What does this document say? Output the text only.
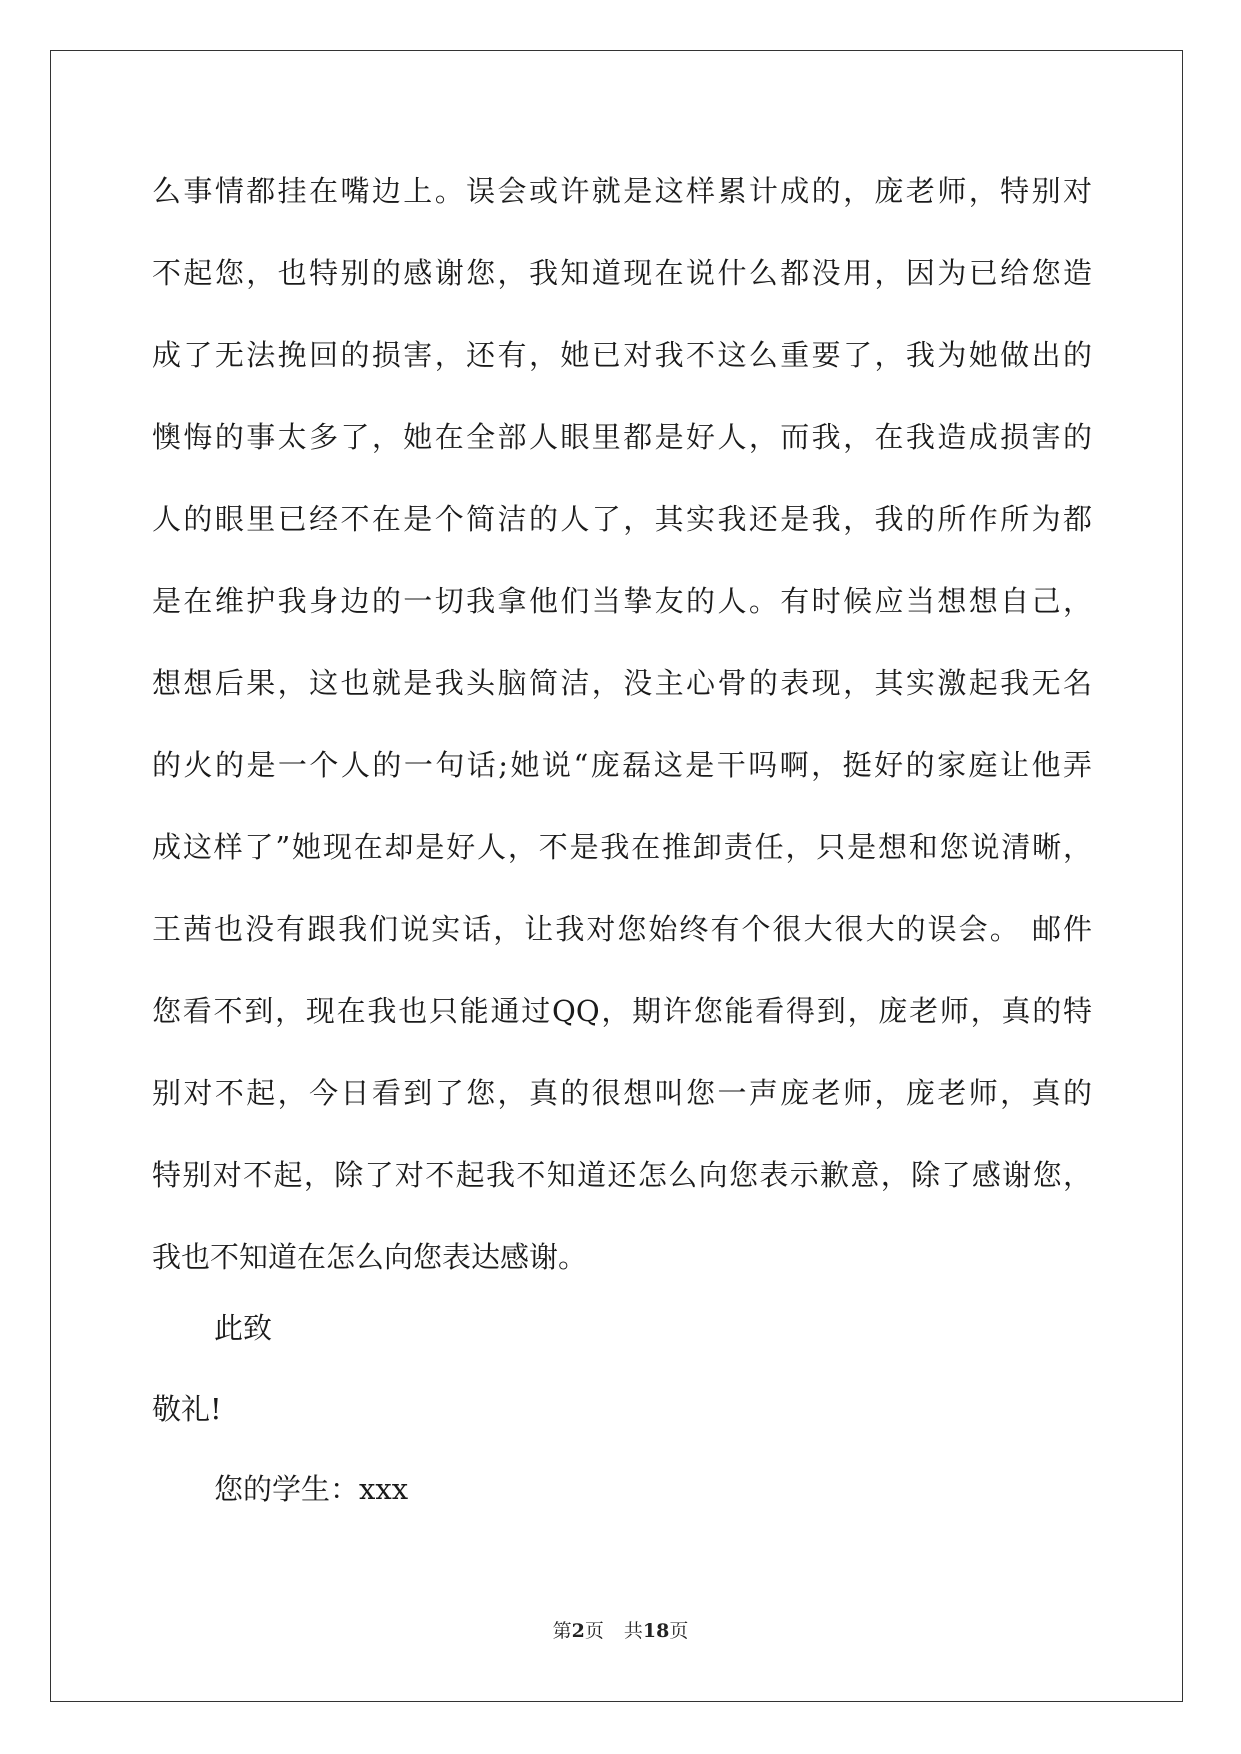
么事情都挂在嘴边上。误会或许就是这样累计成的，庞老师，特别对
不起您，也特别的感谢您，我知道现在说什么都没用，因为已给您造
成了无法挽回的损害，还有，她已对我不这么重要了，我为她做出的
懊悔的事太多了，她在全部人眼里都是好人，而我，在我造成损害的
人的眼里已经不在是个简洁的人了，其实我还是我，我的所作所为都
是在维护我身边的一切我拿他们当挚友的人。有时候应当想想自己，
想想后果，这也就是我头脑简洁，没主心骨的表现，其实激起我无名
的火的是一个人的一句话;她说“庞磊这是干吗啊，挺好的家庭让他弄
成这样了”她现在却是好人，不是我在推卸责任，只是想和您说清晰，
王茜也没有跟我们说实话，让我对您始终有个很大很大的误会。 邮件
您看不到，现在我也只能通过QQ，期许您能看得到，庞老师，真的特
别对不起，今日看到了您，真的很想叫您一声庞老师，庞老师，真的
特别对不起，除了对不起我不知道还怎么向您表示歉意，除了感谢您，
我也不知道在怎么向您表达感谢。
此致
敬礼!
您的学生：xxx
第2页 共18页
